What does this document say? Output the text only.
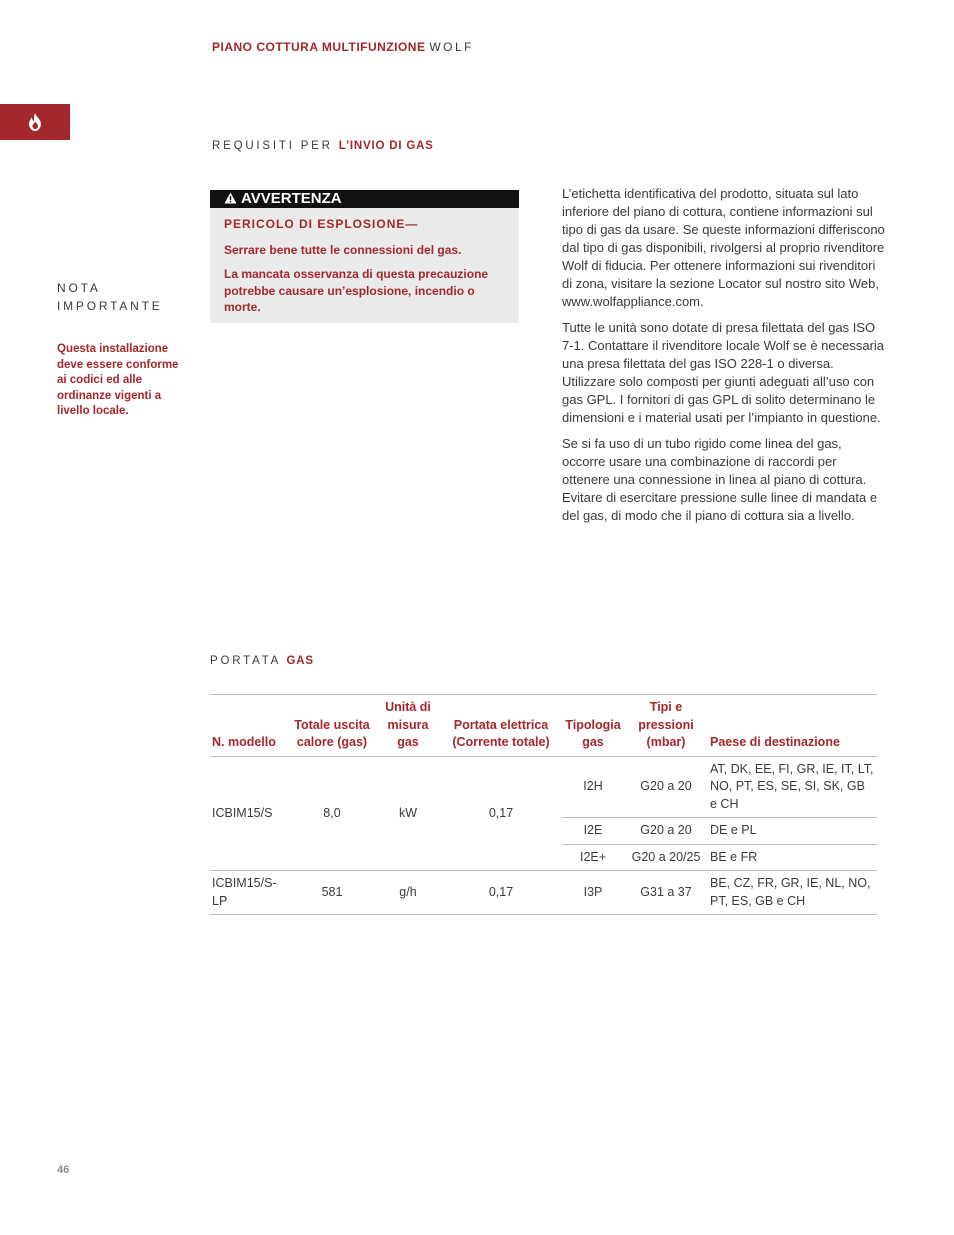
PIANO COTTURA MULTIFUNZIONE WOLF
REQUISITI PER L’INVIO DI GAS
AVVERTENZA

PERICOLO DI ESPLOSIONE—

Serrare bene tutte le connessioni del gas.

La mancata osservanza di questa precauzione potrebbe causare un’esplosione, incendio o morte.

NOTA
IMPORTANTE
Questa installazione deve essere conforme ai codici ed alle ordinanze vigenti a livello locale.

L’etichetta identificativa del prodotto, situata sul lato inferiore del piano di cottura, contiene informazioni sul tipo di gas da usare. Se queste informazioni differiscono dal tipo di gas disponibili, rivolgersi al proprio rivenditore Wolf di fiducia. Per ottenere informazioni sui rivenditori di zona, visitare la sezione Locator sul nostro sito Web, www.wolfappliance.com.

Tutte le unità sono dotate di presa filettata del gas ISO 7-1. Contattare il rivenditore locale Wolf se è necessaria una presa filettata del gas ISO 228-1 o diversa. Utilizzare solo composti per giunti adeguati all’uso con gas GPL. I fornitori di gas GPL di solito determinano le dimensioni e i material usati per l’impianto in questione.

Se si fa uso di un tubo rigido come linea del gas, occorre usare una combinazione di raccordi per ottenere una connessione in linea al piano di cottura. Evitare di esercitare pressione sulle linee di mandata e del gas, di modo che il piano di cottura sia a livello.

PORTATA GAS
N. modello	Totale uscita calore (gas)	Unità di misura gas	Portata elettrica (Corrente totale)	Tipologia gas	Tipi e pressioni (mbar)	Paese di destinazione
ICBIM15/S	8,0	kW	0,17	I2H	G20 a 20	AT, DK, EE, FI, GR, IE, IT, LT, NO, PT, ES, SE, SI, SK, GB e CH
				I2E	G20 a 20	DE e PL
				I2E+	G20 a 20/25	BE e FR
ICBIM15/S-LP	581	g/h	0,17	I3P	G31 a 37	BE, CZ, FR, GR, IE, NL, NO, PT, ES, GB e CH
46
